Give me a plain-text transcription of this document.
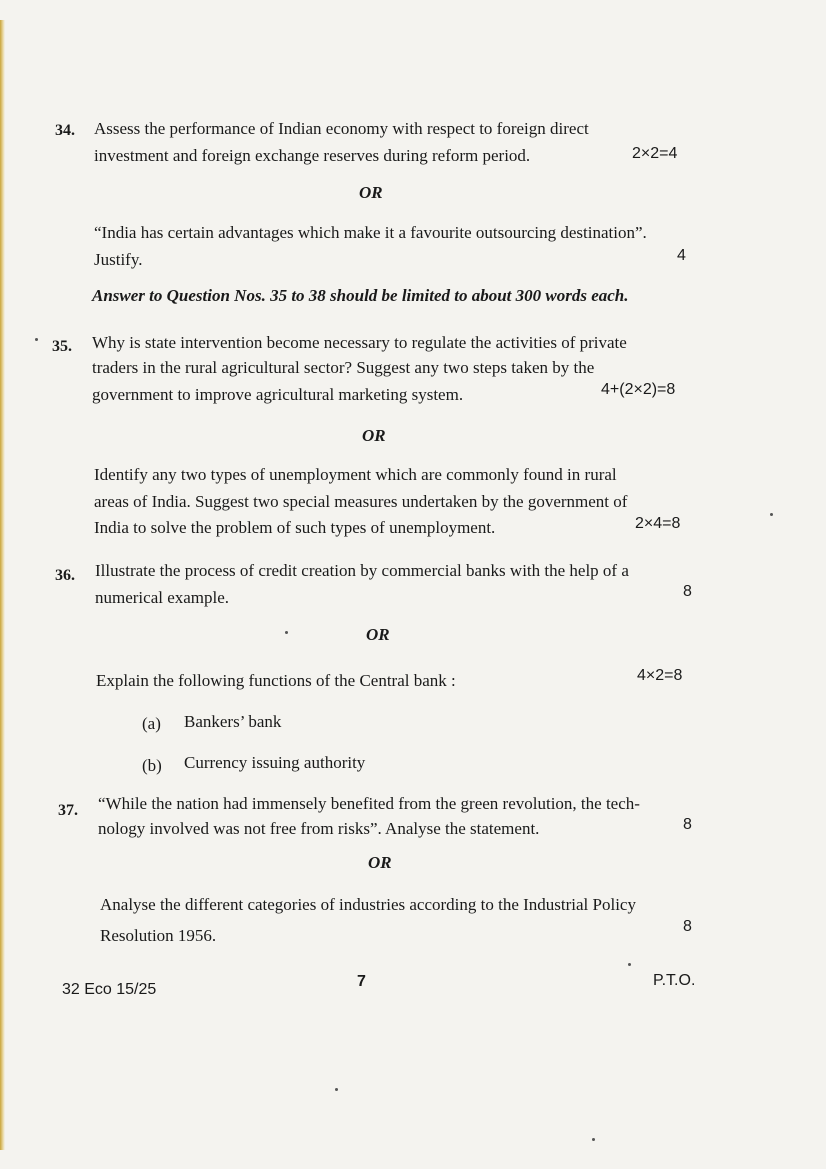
34. Assess the performance of Indian economy with respect to foreign direct
investment and foreign exchange reserves during reform period.	2×2=4
OR
“India has certain advantages which make it a favourite outsourcing destination”.
Justify.	4
Answer to Question Nos. 35 to 38 should be limited to about 300 words each.
35. Why is state intervention become necessary to regulate the activities of private
traders in the rural agricultural sector? Suggest any two steps taken by the
government to improve agricultural marketing system.	4+(2×2)=8
OR
Identify any two types of unemployment which are commonly found in rural
areas of India. Suggest two special measures undertaken by the government of
India to solve the problem of such types of unemployment.	2×4=8
36. Illustrate the process of credit creation by commercial banks with the help of a
numerical example.	8
OR
Explain the following functions of the Central bank :	4×2=8
(a) Bankers’ bank
(b) Currency issuing authority
37. “While the nation had immensely benefited from the green revolution, the tech-
nology involved was not free from risks”. Analyse the statement.	8
OR
Analyse the different categories of industries according to the Industrial Policy
Resolution 1956.	8
32 Eco 15/25	7	P.T.O.
